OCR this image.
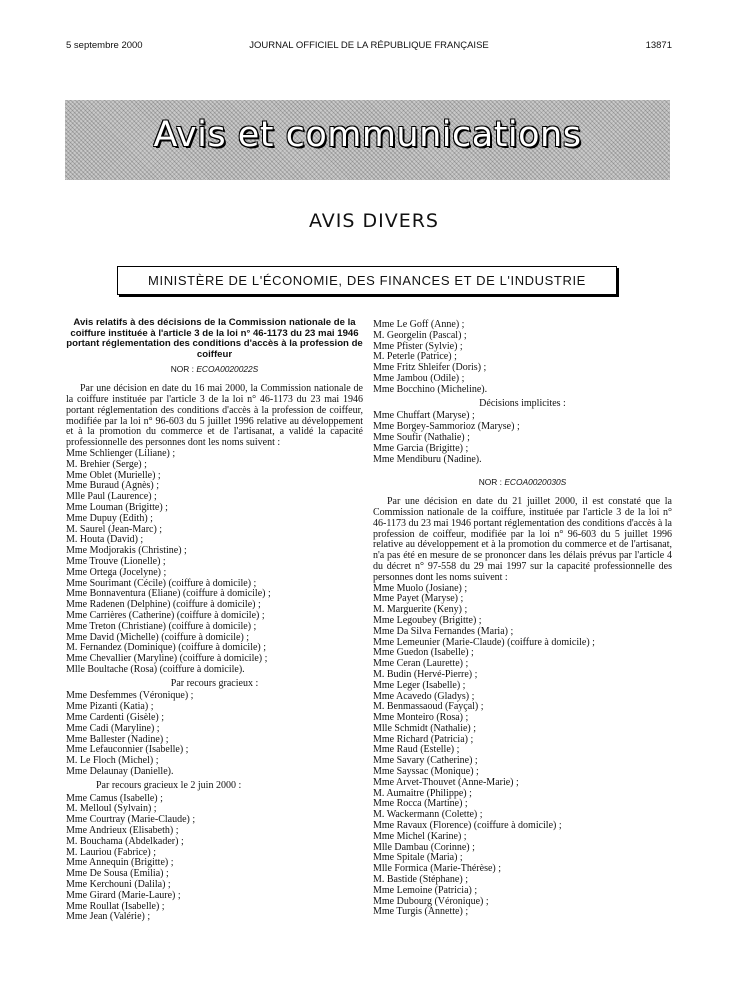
5 septembre 2000	JOURNAL OFFICIEL DE LA RÉPUBLIQUE FRANÇAISE	13871
Avis et communications
AVIS DIVERS
MINISTÈRE DE L'ÉCONOMIE, DES FINANCES ET DE L'INDUSTRIE
Avis relatifs à des décisions de la Commission nationale de la coiffure instituée à l'article 3 de la loi n° 46-1173 du 23 mai 1946 portant réglementation des conditions d'accès à la profession de coiffeur
NOR : ECOA0020022S
Par une décision en date du 16 mai 2000, la Commission nationale de la coiffure instituée par l'article 3 de la loi n° 46-1173 du 23 mai 1946 portant réglementation des conditions d'accès à la profession de coiffeur, modifiée par la loi n° 96-603 du 5 juillet 1996 relative au développement et à la promotion du commerce et de l'artisanat, a validé la capacité professionnelle des personnes dont les noms suivent :
Mme Schlienger (Liliane) ;
M. Brehier (Serge) ;
Mme Oblet (Murielle) ;
Mme Buraud (Agnès) ;
Mlle Paul (Laurence) ;
Mme Louman (Brigitte) ;
Mme Dupuy (Edith) ;
M. Saurel (Jean-Marc) ;
M. Houta (David) ;
Mme Modjorakis (Christine) ;
Mme Trouve (Lionelle) ;
Mme Ortega (Jocelyne) ;
Mme Sourimant (Cécile) (coiffure à domicile) ;
Mme Bonnaventura (Eliane) (coiffure à domicile) ;
Mme Radenen (Delphine) (coiffure à domicile) ;
Mme Carrières (Catherine) (coiffure à domicile) ;
Mme Treton (Christiane) (coiffure à domicile) ;
Mme David (Michelle) (coiffure à domicile) ;
M. Fernandez (Dominique) (coiffure à domicile) ;
Mme Chevallier (Maryline) (coiffure à domicile) ;
Mlle Boultache (Rosa) (coiffure à domicile).
Par recours gracieux :
Mme Desfemmes (Véronique) ;
Mme Pizanti (Katia) ;
Mme Cardenti (Gisèle) ;
Mme Cadi (Maryline) ;
Mme Ballester (Nadine) ;
Mme Lefauconnier (Isabelle) ;
M. Le Floch (Michel) ;
Mme Delaunay (Danielle).
Par recours gracieux le 2 juin 2000 :
Mme Camus (Isabelle) ;
M. Melloul (Sylvain) ;
Mme Courtray (Marie-Claude) ;
Mme Andrieux (Elisabeth) ;
M. Bouchama (Abdelkader) ;
M. Lauriou (Fabrice) ;
Mme Annequin (Brigitte) ;
Mme De Sousa (Emilia) ;
Mme Kerchouni (Dalila) ;
Mme Girard (Marie-Laure) ;
Mme Roullat (Isabelle) ;
Mme Jean (Valérie) ;
Mme Le Goff (Anne) ;
M. Georgelin (Pascal) ;
Mme Pfister (Sylvie) ;
M. Peterle (Patrice) ;
Mme Fritz Shleifer (Doris) ;
Mme Jambou (Odile) ;
Mme Bocchino (Micheline).
Décisions implicites :
Mme Chuffart (Maryse) ;
Mme Borgey-Sammorioz (Maryse) ;
Mme Soufir (Nathalie) ;
Mme Garcia (Brigitte) ;
Mme Mendiburu (Nadine).
NOR : ECOA0020030S
Par une décision en date du 21 juillet 2000, il est constaté que la Commission nationale de la coiffure, instituée par l'article 3 de la loi n° 46-1173 du 23 mai 1946 portant réglementation des conditions d'accès à la profession de coiffeur, modifiée par la loi n° 96-603 du 5 juillet 1996 relative au développement et à la promotion du commerce et de l'artisanat, n'a pas été en mesure de se prononcer dans les délais prévus par l'article 4 du décret n° 97-558 du 29 mai 1997 sur la capacité professionnelle des personnes dont les noms suivent :
Mme Muolo (Josiane) ;
Mme Payet (Maryse) ;
M. Marguerite (Keny) ;
Mme Legoubey (Brigitte) ;
Mme Da Silva Fernandes (Maria) ;
Mme Lemeunier (Marie-Claude) (coiffure à domicile) ;
Mme Guedon (Isabelle) ;
Mme Ceran (Laurette) ;
M. Budin (Hervé-Pierre) ;
Mme Leger (Isabelle) ;
Mme Acavedo (Gladys) ;
M. Benmassaoud (Fayçal) ;
Mme Monteiro (Rosa) ;
Mlle Schmidt (Nathalie) ;
Mme Richard (Patricia) ;
Mme Raud (Estelle) ;
Mme Savary (Catherine) ;
Mme Sayssac (Monique) ;
Mme Arvet-Thouvet (Anne-Marie) ;
M. Aumaitre (Philippe) ;
Mme Rocca (Martine) ;
M. Wackermann (Colette) ;
Mme Ravaux (Florence) (coiffure à domicile) ;
Mme Michel (Karine) ;
Mlle Dambau (Corinne) ;
Mme Spitale (Maria) ;
Mlle Formica (Marie-Thérèse) ;
M. Bastide (Stéphane) ;
Mme Lemoine (Patricia) ;
Mme Dubourg (Véronique) ;
Mme Turgis (Annette) ;
